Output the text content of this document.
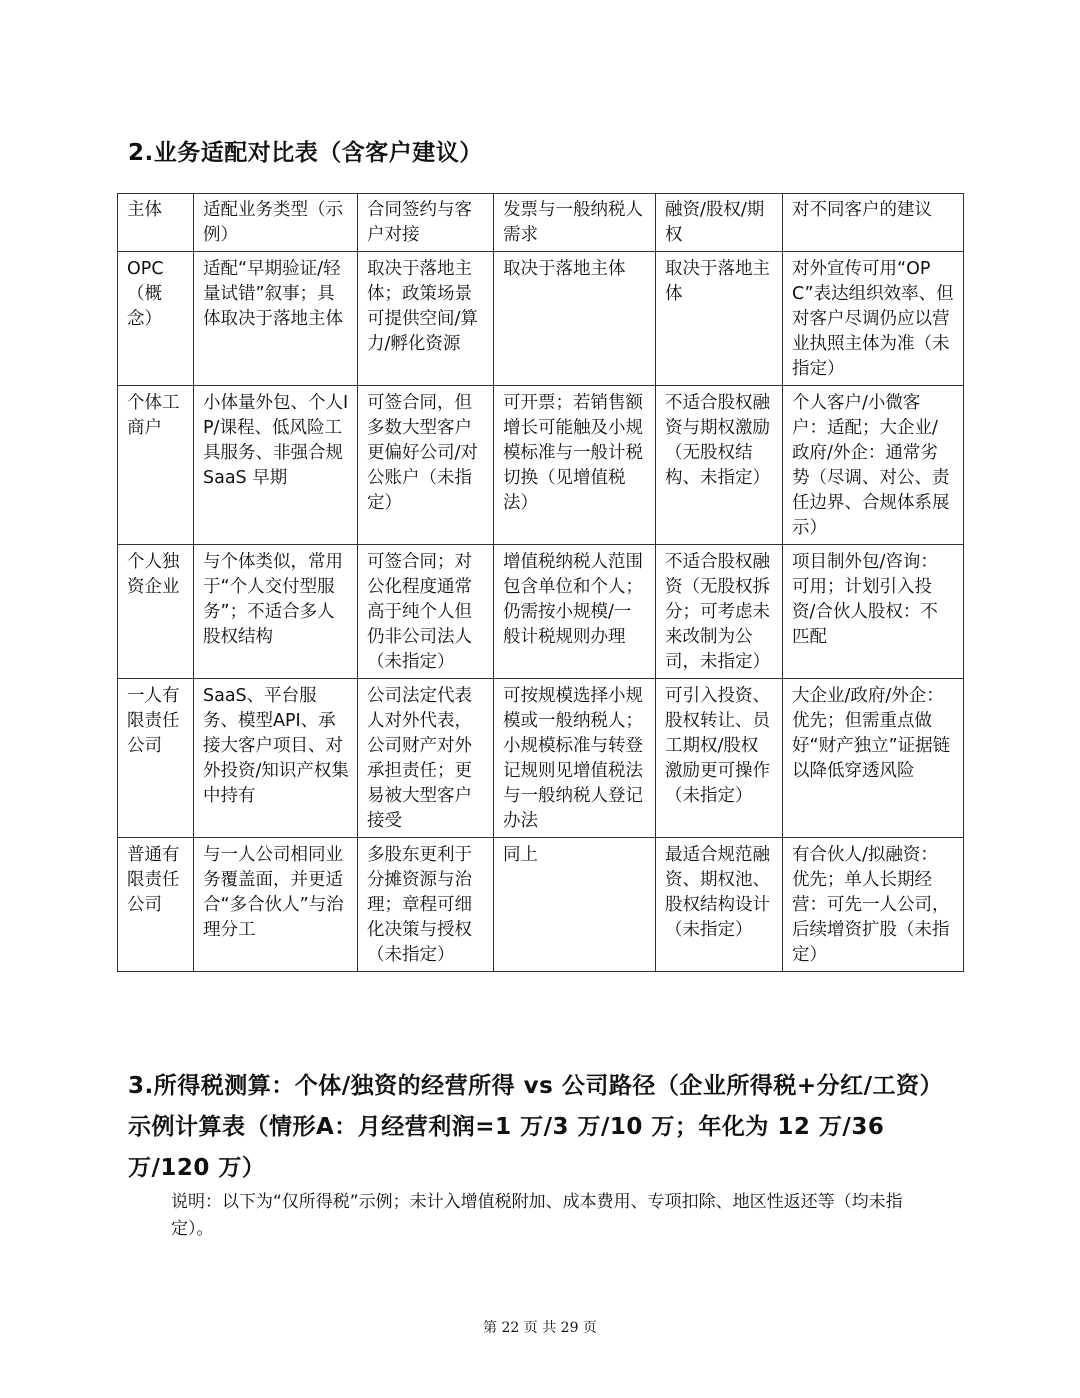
2.业务适配对比表（含客户建议）
主体	适配业务类型（示例）	合同签约与客户对接	发票与一般纳税人需求	融资/股权/期权	对不同客户的建议
OPC（概念）	适配“早期验证/轻量试错”叙事；具体取决于落地主体	取决于落地主体；政策场景可提供空间/算力/孵化资源	取决于落地主体	取决于落地主体	对外宣传可用“OPC”表达组织效率、但对客户尽调仍应以营业执照主体为准（未指定）
个体工商户	小体量外包、个人IP/课程、低风险工具服务、非强合规 SaaS 早期	可签合同，但多数大型客户更偏好公司/对公账户（未指定）	可开票；若销售额增长可能触及小规模标准与一般计税切换（见增值税法）	不适合股权融资与期权激励（无股权结构、未指定）	个人客户/小微客户：适配；大企业/政府/外企：通常劣势（尽调、对公、责任边界、合规体系展示）
个人独资企业	与个体类似，常用于“个人交付型服务”；不适合多人股权结构	可签合同；对公化程度通常高于纯个人但仍非公司法人（未指定）	增值税纳税人范围包含单位和个人；仍需按小规模/一般计税规则办理	不适合股权融资（无股权拆分；可考虑未来改制为公司，未指定）	项目制外包/咨询：可用；计划引入投资/合伙人股权：不匹配
一人有限责任公司	SaaS、平台服务、模型API、承接大客户项目、对外投资/知识产权集中持有	公司法定代表人对外代表，公司财产对外承担责任；更易被大型客户接受	可按规模选择小规模或一般纳税人；小规模标准与转登记规则见增值税法与一般纳税人登记办法	可引入投资、股权转让、员工期权/股权激励更可操作（未指定）	大企业/政府/外企：优先；但需重点做好“财产独立”证据链以降低穿透风险
普通有限责任公司	与一人公司相同业务覆盖面，并更适合“多合伙人”与治理分工	多股东更利于分摊资源与治理；章程可细化决策与授权（未指定）	同上	最适合规范融资、期权池、股权结构设计（未指定）	有合伙人/拟融资：优先；单人长期经营：可先一人公司，后续增资扩股（未指定）
3.所得税测算：个体/独资的经营所得 vs 公司路径（企业所得税+分红/工资）示例计算表（情形A：月经营利润=1 万/3 万/10 万；年化为 12 万/36 万/120 万）
说明：以下为“仅所得税”示例；未计入增值税附加、成本费用、专项扣除、地区性返还等（均未指定）。
第 22 页 共 29 页
